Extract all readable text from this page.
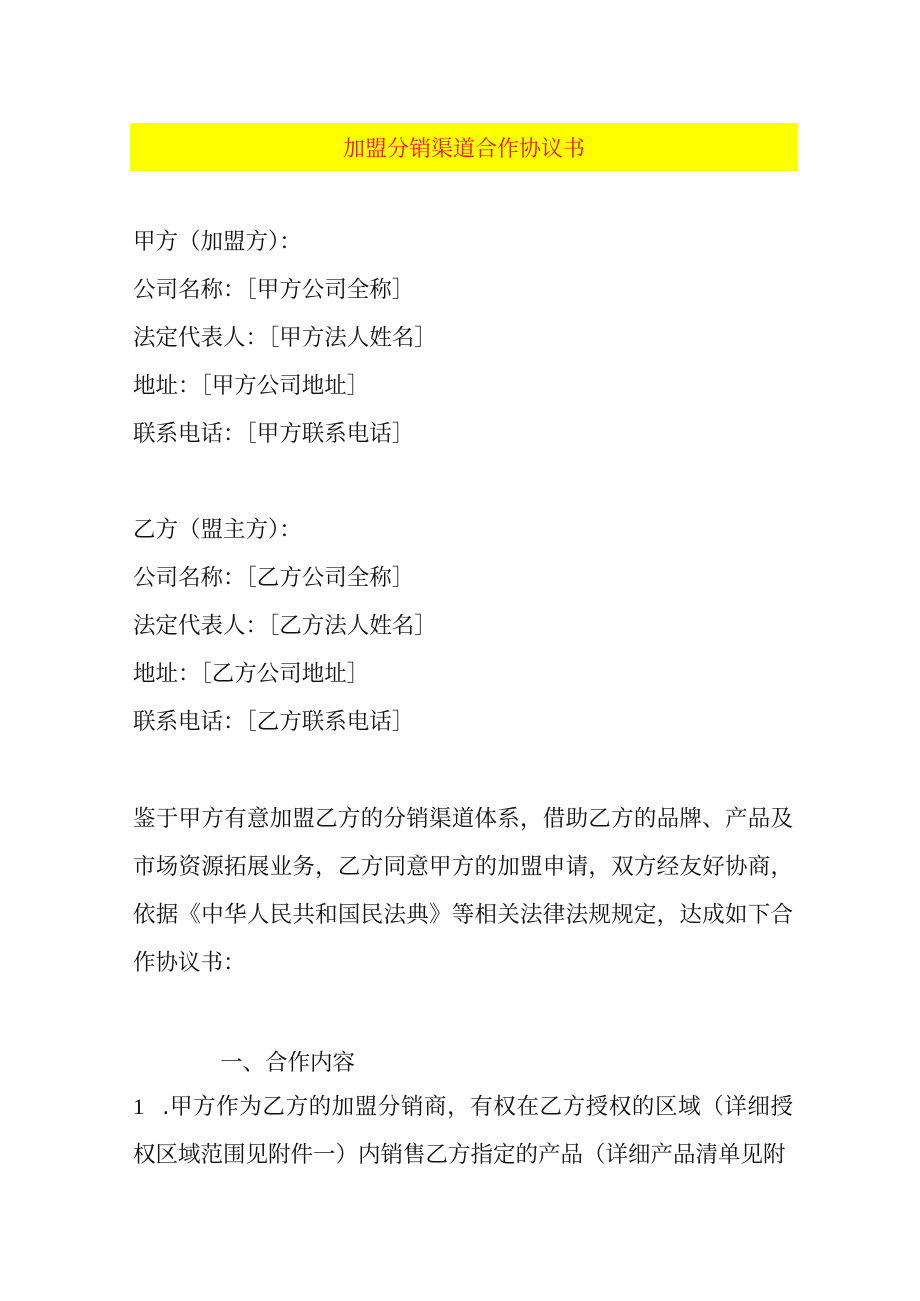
加盟分销渠道合作协议书
甲方（加盟方）：
公司名称：［甲方公司全称］
法定代表人：［甲方法人姓名］
地址：［甲方公司地址］
联系电话：［甲方联系电话］
乙方（盟主方）：
公司名称：［乙方公司全称］
法定代表人：［乙方法人姓名］
地址：［乙方公司地址］
联系电话：［乙方联系电话］

鉴于甲方有意加盟乙方的分销渠道体系，借助乙方的品牌、产品及市场资源拓展业务，乙方同意甲方的加盟申请，双方经友好协商，依据《中华人民共和国民法典》等相关法律法规规定，达成如下合作协议书：

一、合作内容

1 .甲方作为乙方的加盟分销商，有权在乙方授权的区域（详细授权区域范围见附件一）内销售乙方指定的产品（详细产品清单见附
